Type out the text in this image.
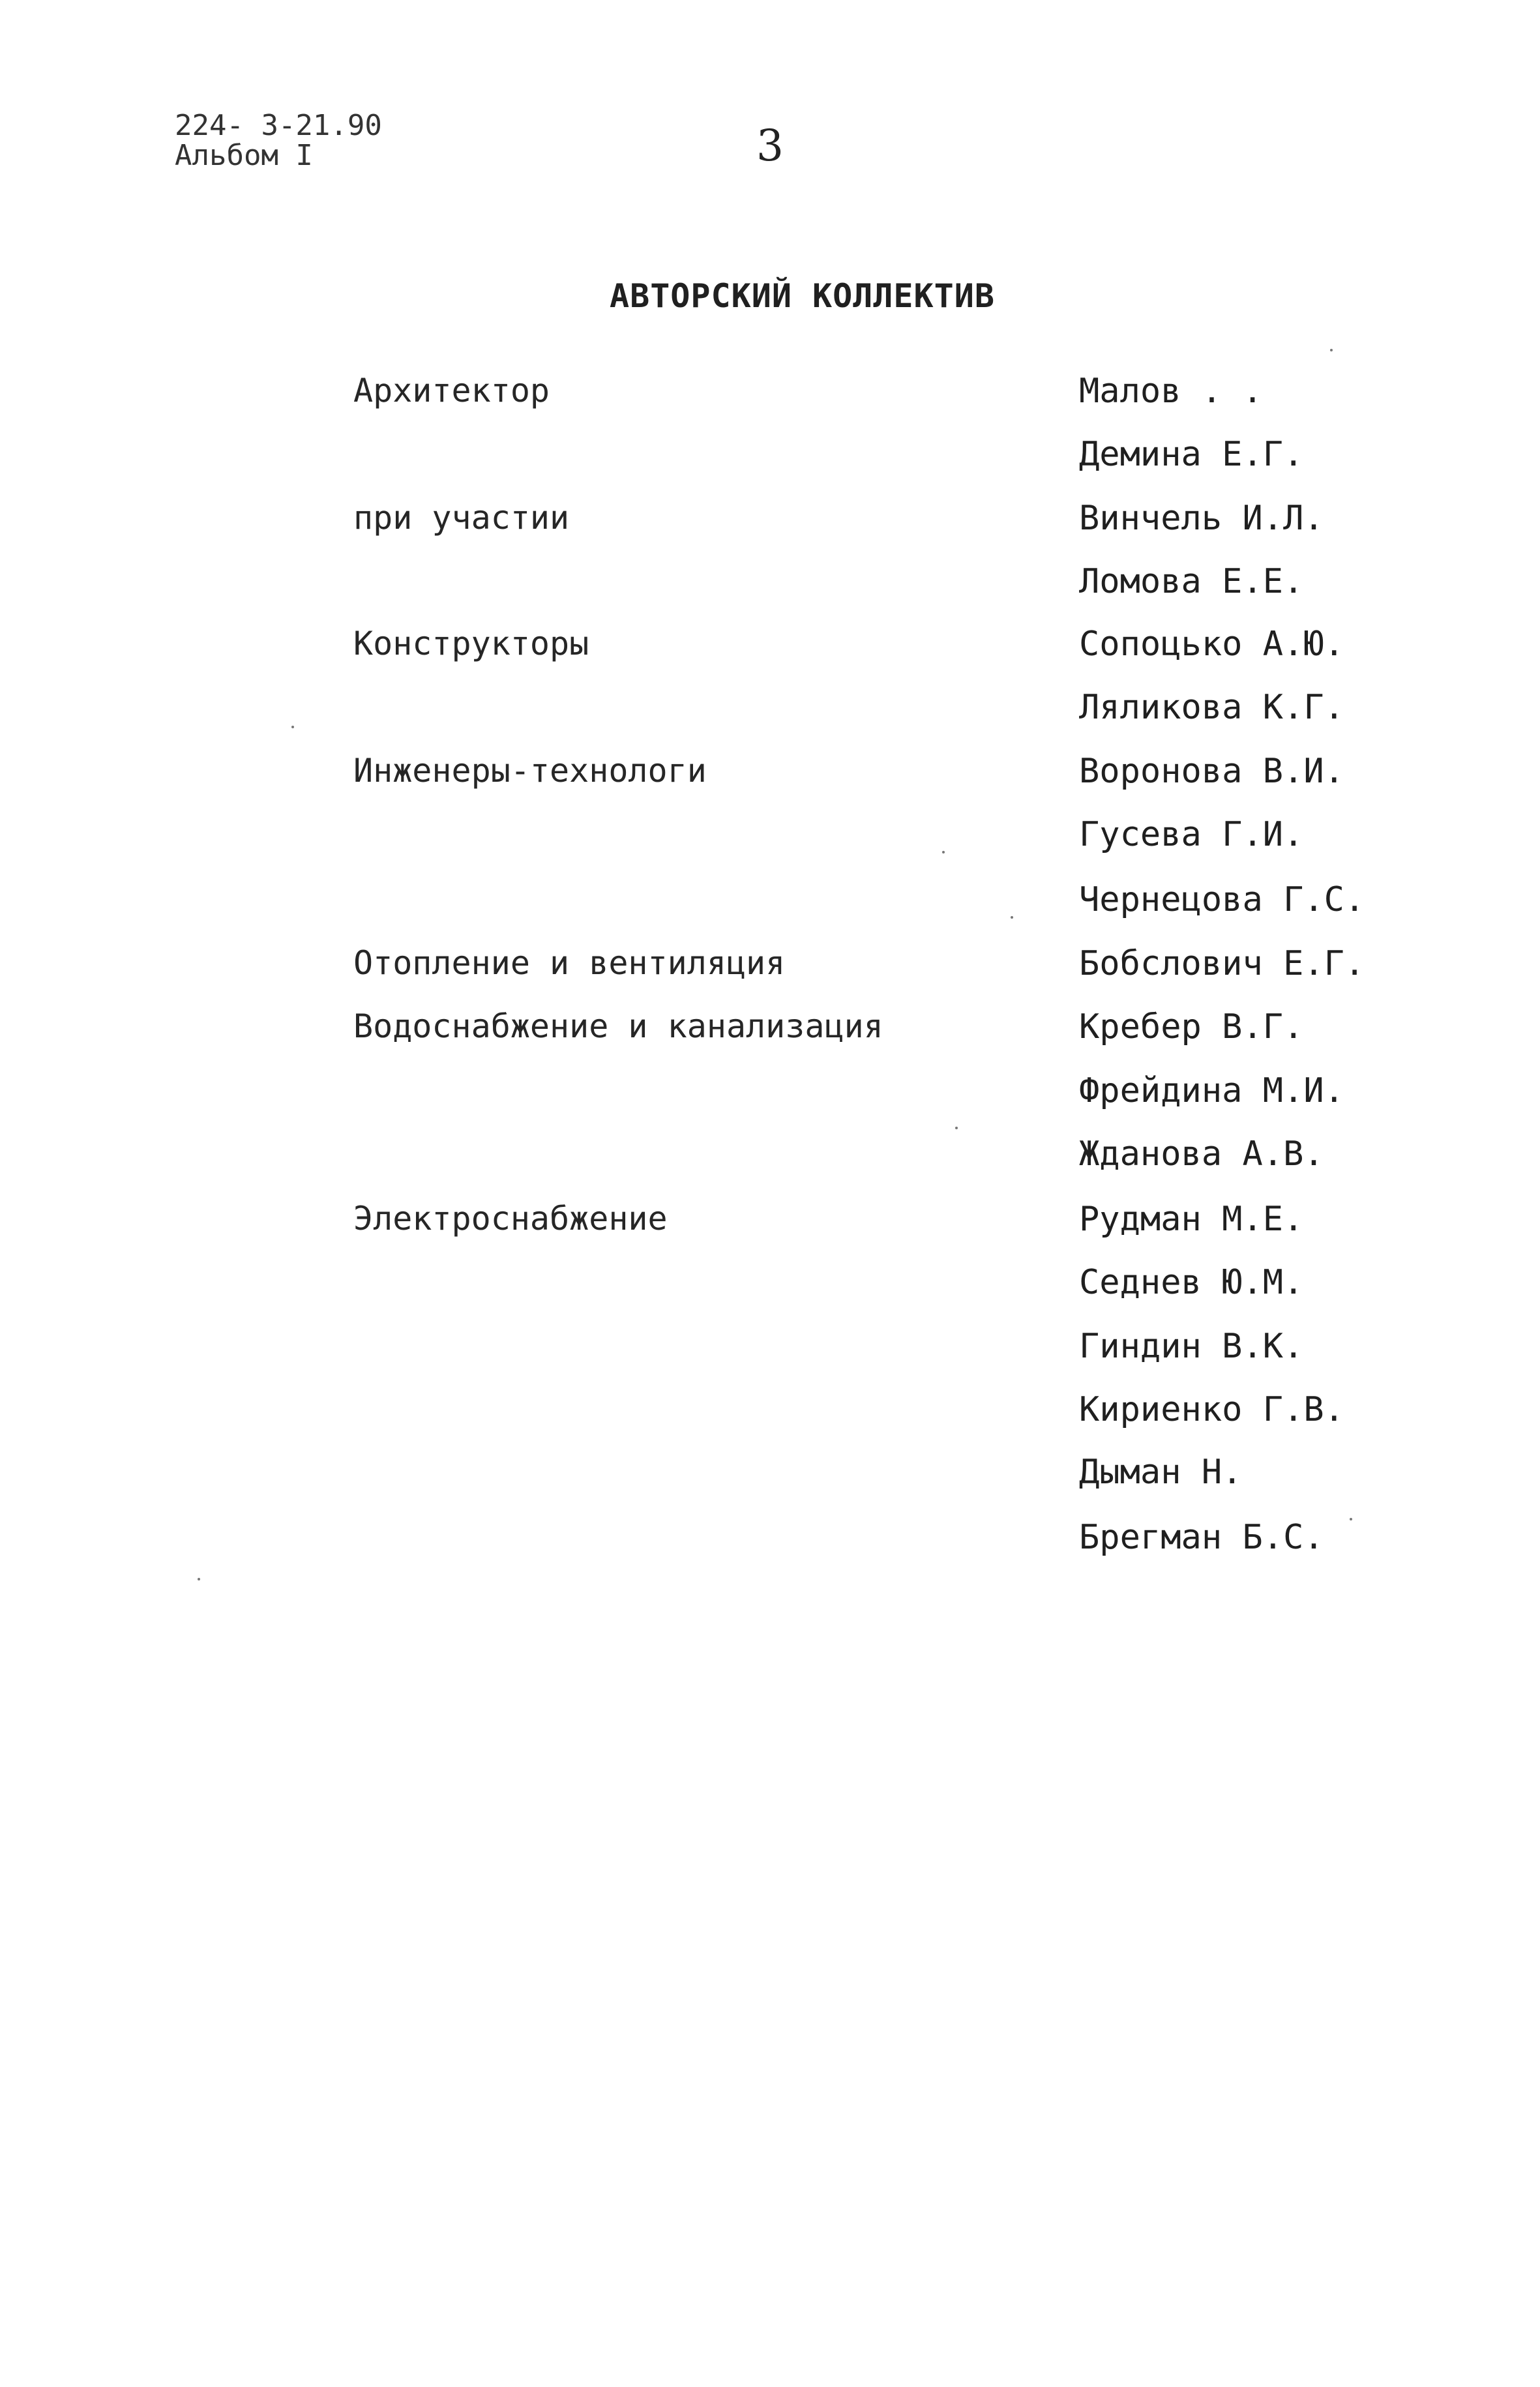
224- 3-21.90
Альбом I	3
АВТОРСКИЙ КОЛЛЕКТИВ
Архитектор
при участии
Конструкторы
Инженеры-технологи
Отопление и вентиляция
Водоснабжение и канализация
Электроснабжение
Малов . .
Демина Е.Г.
Винчель И.Л.
Ломова Е.Е.
Сопоцько А.Ю.
Ляликова К.Г.
Воронова В.И.
Гусева Г.И.
Чернецова Г.С.
Бобслович Е.Г.
Кребер В.Г.
Фрейдина М.И.
Жданова А.В.
Рудман М.Е.
Седнев Ю.М.
Гиндин В.К.
Кириенко Г.В.
Дыман Н.
Брегман Б.С.
